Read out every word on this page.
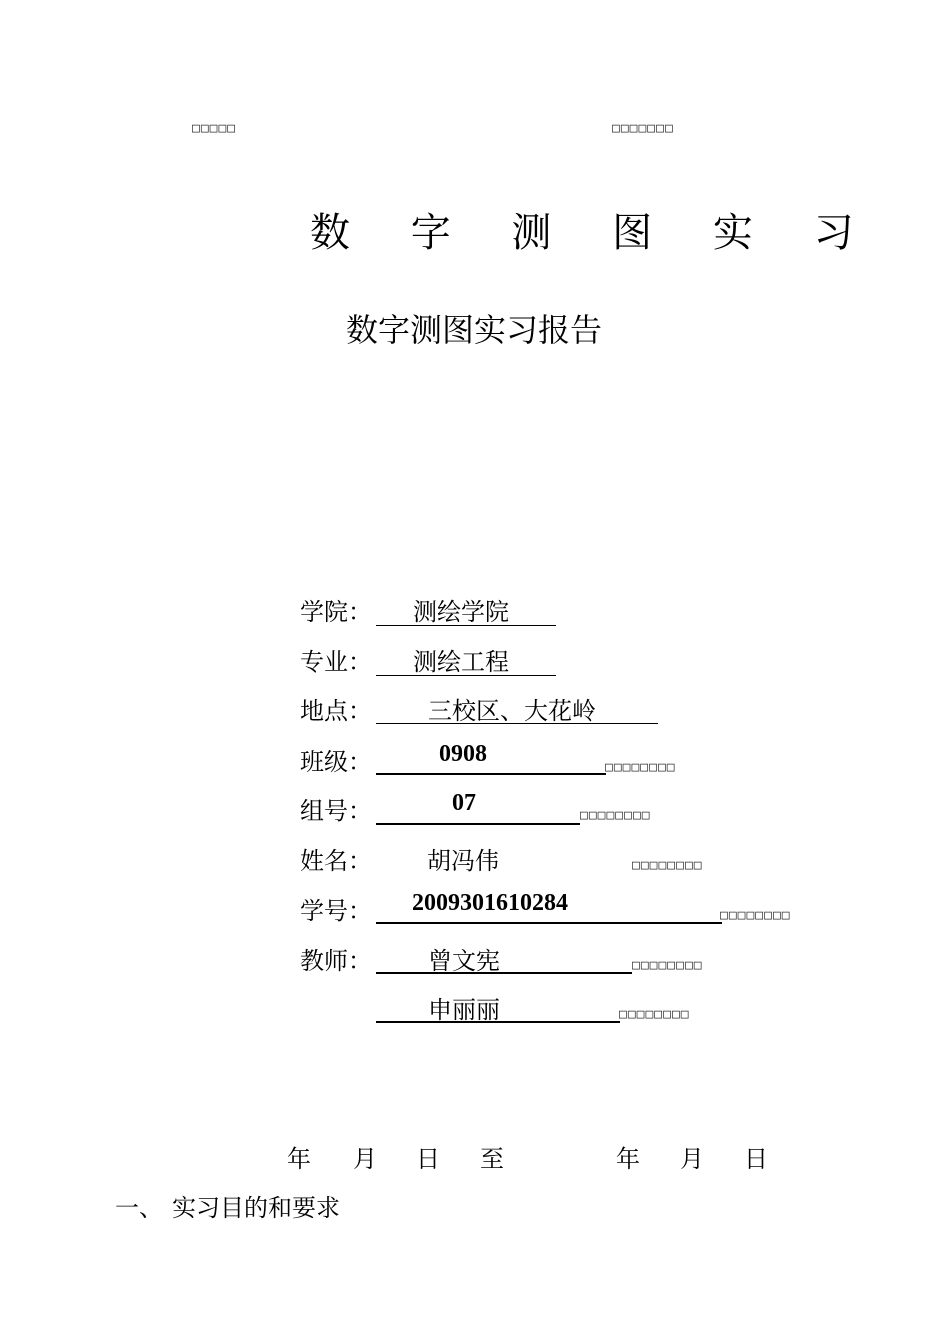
□□□□□	□□□□□□□
数 字 测 图 实 习
数字测图实习报告
学院： 测绘学院
专业： 测绘工程
地点： 三校区、大花岭
班级：	0908
□□□□□□□□
组号：	07	□□□□□□□□
姓名： 胡冯伟	□□□□□□□□
学号： 2009301610284	□□□□□□□□
教师： 曾文宪	□□□□□□□□
申丽丽	□□□□□□□□
年 月 日 至	年 月 日
一、 实习目的和要求
